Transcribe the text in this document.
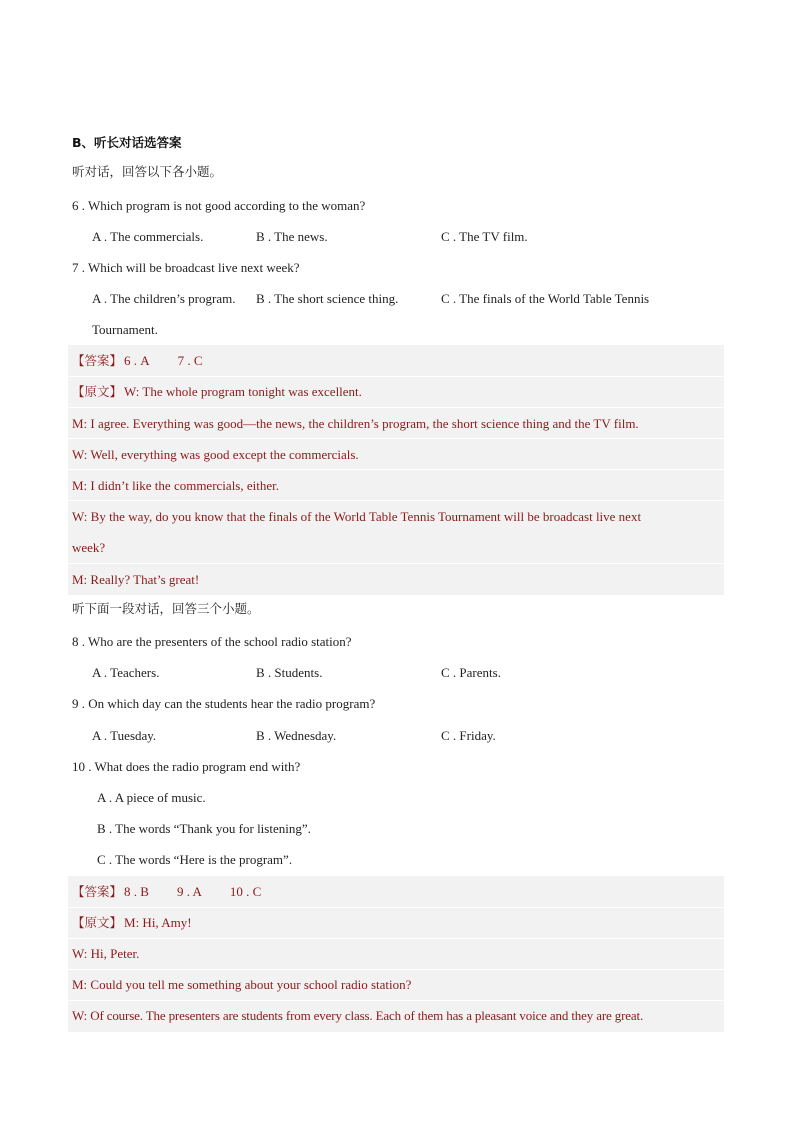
B、听长对话选答案
听对话，回答以下各小题。
6 . Which program is not good according to the woman?
A . The commercials.	B . The news.	C . The TV film.
7 . Which will be broadcast live next week?
A . The children’s program. B . The short science thing.	C . The finals of the World Table Tennis
Tournament.
【答案】 6 . A 7 . C
【原文】 W: The whole program tonight was excellent.
M: I agree. Everything was good—the news, the children’s program, the short science thing and the TV film.
W: Well, everything was good except the commercials.
M: I didn’t like the commercials, either.
W: By the way, do you know that the finals of the World Table Tennis Tournament will be broadcast live next
week?
M: Really? That’s great!
听下面一段对话，回答三个小题。
8 . Who are the presenters of the school radio station?
A . Teachers.	B . Students.	C . Parents.
9 . On which day can the students hear the radio program?
A . Tuesday.	B . Wednesday.	C . Friday.
10 . What does the radio program end with?
A . A piece of music.
B . The words “Thank you for listening”.
C . The words “Here is the program”.
【答案】 8 . B 9 . A 10 . C
【原文】 M: Hi, Amy!
W: Hi, Peter.
M: Could you tell me something about your school radio station?
W: Of course. The presenters are students from every class. Each of them has a pleasant voice and they are great.
